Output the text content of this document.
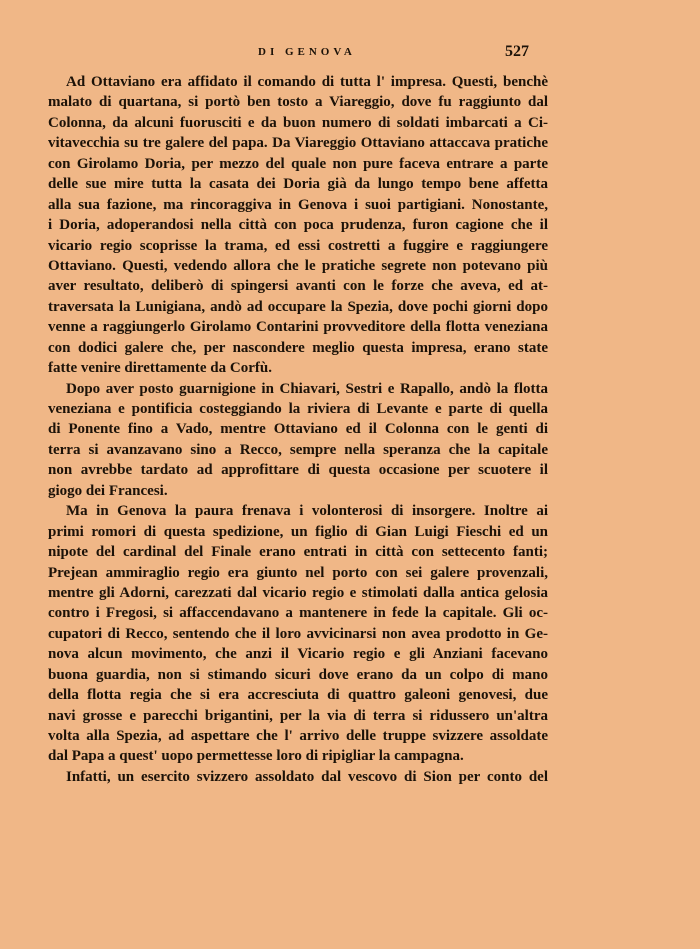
DI GENOVA	527
Ad Ottaviano era affidato il comando di tutta l' impresa. Questi, benchè
malato di quartana, si portò ben tosto a Viareggio, dove fu raggiunto dal
Colonna, da alcuni fuorusciti e da buon numero di soldati imbarcati a Ci-
vitavecchia su tre galere del papa. Da Viareggio Ottaviano attaccava pratiche
con Girolamo Doria, per mezzo del quale non pure faceva entrare a parte
delle sue mire tutta la casata dei Doria già da lungo tempo bene affetta
alla sua fazione, ma rincoraggiva in Genova i suoi partigiani. Nonostante,
i Doria, adoperandosi nella città con poca prudenza, furon cagione che il
vicario regio scoprisse la trama, ed essi costretti a fuggire e raggiungere
Ottaviano. Questi, vedendo allora che le pratiche segrete non potevano più
aver resultato, deliberò di spingersi avanti con le forze che aveva, ed at-
traversata la Lunigiana, andò ad occupare la Spezia, dove pochi giorni dopo
venne a raggiungerlo Girolamo Contarini provveditore della flotta veneziana
con dodici galere che, per nascondere meglio questa impresa, erano state
fatte venire direttamente da Corfù.
Dopo aver posto guarnigione in Chiavari, Sestri e Rapallo, andò la flotta
veneziana e pontificia costeggiando la riviera di Levante e parte di quella
di Ponente fino a Vado, mentre Ottaviano ed il Colonna con le genti di
terra si avanzavano sino a Recco, sempre nella speranza che la capitale
non avrebbe tardato ad approfittare di questa occasione per scuotere il
giogo dei Francesi.
Ma in Genova la paura frenava i volonterosi di insorgere. Inoltre ai
primi romori di questa spedizione, un figlio di Gian Luigi Fieschi ed un
nipote del cardinal del Finale erano entrati in città con settecento fanti;
Prejean ammiraglio regio era giunto nel porto con sei galere provenzali,
mentre gli Adorni, carezzati dal vicario regio e stimolati dalla antica gelosia
contro i Fregosi, si affaccendavano a mantenere in fede la capitale. Gli oc-
cupatori di Recco, sentendo che il loro avvicinarsi non avea prodotto in Ge-
nova alcun movimento, che anzi il Vicario regio e gli Anziani facevano
buona guardia, non si stimando sicuri dove erano da un colpo di mano
della flotta regia che si era accresciuta di quattro galeoni genovesi, due
navi grosse e parecchi brigantini, per la via di terra si ridussero un'altra
volta alla Spezia, ad aspettare che l' arrivo delle truppe svizzere assoldate
dal Papa a quest' uopo permettesse loro di ripigliar la campagna.
Infatti, un esercito svizzero assoldato dal vescovo di Sion per conto del
